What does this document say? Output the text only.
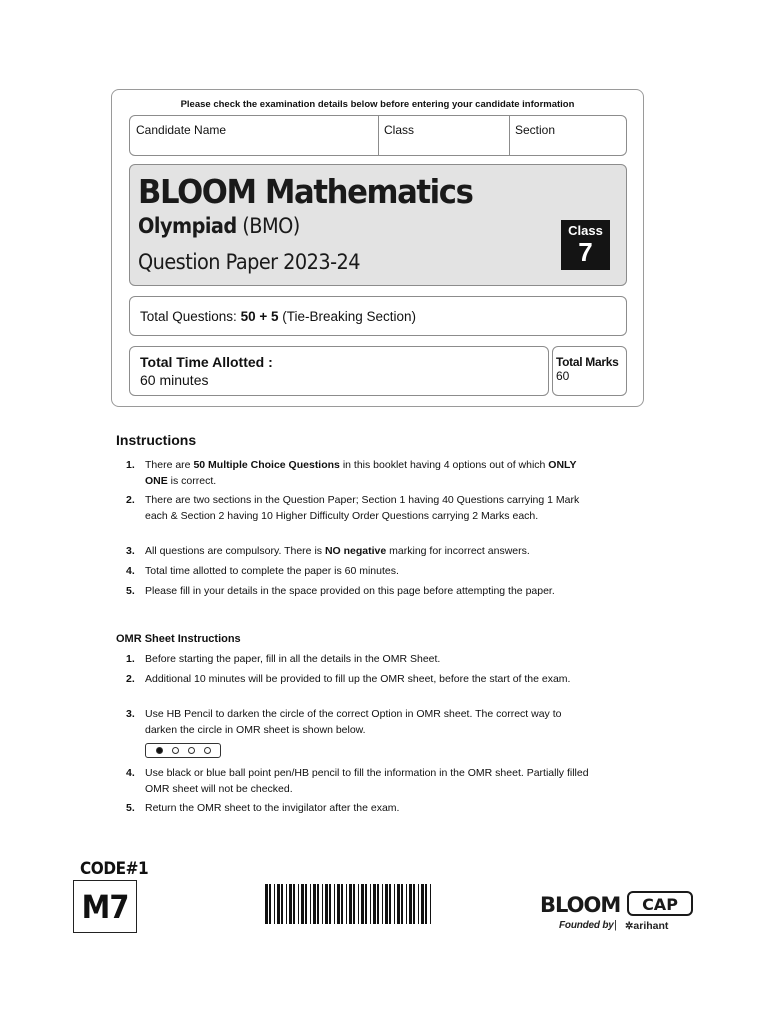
Please check the examination details below before entering your candidate information
Candidate Name	Class	Section
BLOOM Mathematics
Olympiad (BMO)
Question Paper 2023-24
Class
7
Total Questions: 50 + 5 (Tie-Breaking Section)
Total Time Allotted :
60 minutes
Total Marks
60
Instructions
1. There are 50 Multiple Choice Questions in this booklet having 4 options out of which ONLY ONE is correct.
2. There are two sections in the Question Paper; Section 1 having 40 Questions carrying 1 Mark each & Section 2 having 10 Higher Difficulty Order Questions carrying 2 Marks each.
3. All questions are compulsory. There is NO negative marking for incorrect answers.
4. Total time allotted to complete the paper is 60 minutes.
5. Please fill in your details in the space provided on this page before attempting the paper.
OMR Sheet Instructions
1. Before starting the paper, fill in all the details in the OMR Sheet.
2. Additional 10 minutes will be provided to fill up the OMR sheet, before the start of the exam.
3. Use HB Pencil to darken the circle of the correct Option in OMR sheet. The correct way to darken the circle in OMR sheet is shown below.
4. Use black or blue ball point pen/HB pencil to fill the information in the OMR sheet. Partially filled OMR sheet will not be checked.
5. Return the OMR sheet to the invigilator after the exam.
CODE#1
M7	BLOOM CAP
Founded by | ✲arihant
